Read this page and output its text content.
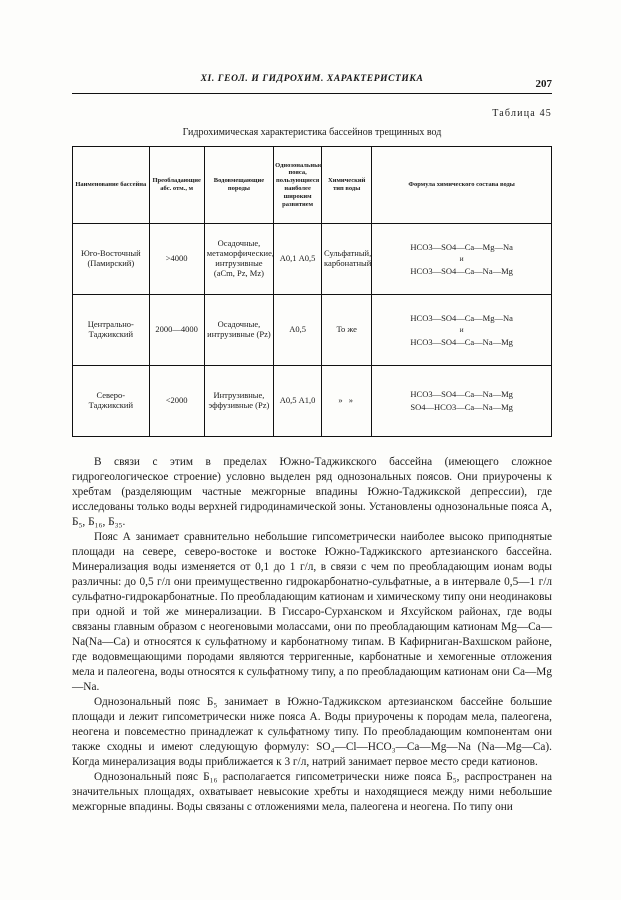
XI. ГЕОЛ. И ГИДРОХИМ. ХАРАКТЕРИСТИКА	207
Таблица 45
Гидрохимическая характеристика бассейнов трещинных вод
Наименование бассейна	Преобладающие абс. отм., м	Водовмещающие породы	Однозональные пояса, пользующиеся наиболее широким развитием	Химический тип воды	Формула химического состава воды
Юго-Восточный (Памирский)	>4000	Осадочные, метаморфические, интрузивные (aCm, Pz, Mz)	А0,1 А0,5	Сульфатный, карбонатный	НСО3—SO4—Са—Mg—Na
и
НСО3—SO4—Са—Na—Mg

Центрально-Таджикский	2000—4000	Осадочные, интрузивные (Pz)	А0,5	То же	НСО3—SO4—Са—Mg—Na
и
НСО3—SO4—Са—Na—Mg

Северо-Таджикский	<2000	Интрузивные, эффузивные (Pz)	А0,5 А1,0	» »	НСО3—SO4—Са—Na—Mg
SO4—НСО3—Са—Na—Mg

В связи с этим в пределах Южно-Таджикского бассейна (имеющего сложное гидрогеологическое строение) условно выделен ряд однозональных поясов. Они приурочены к хребтам (разделяющим частные межгорные впадины Южно-Таджикской депрессии), где исследованы только воды верхней гидродинамической зоны. Установлены однозональные пояса А, Б₅, Б₁₆, Б₃₅.

Пояс А занимает сравнительно небольшие гипсометрически наиболее высоко приподнятые площади на севере, северо-востоке и востоке Южно-Таджикского артезианского бассейна. Минерализация воды изменяется от 0,1 до 1 г/л, в связи с чем по преобладающим ионам воды различны: до 0,5 г/л они преимущественно гидрокарбонатно-сульфатные, а в интервале 0,5—1 г/л сульфатно-гидрокарбонатные. По преобладающим катионам и химическому типу они неодинаковы при одной и той же минерализации. В Гиссаро-Сурханском и Яхсуйском районах, где воды связаны главным образом с неогеновыми молассами, они по преобладающим катионам Mg—Ca—Na(Na—Ca) и относятся к сульфатному и карбонатному типам. В Кафирниган-Вахшском районе, где водовмещающими породами являются терригенные, карбонатные и хемогенные отложения мела и палеогена, воды относятся к сульфатному типу, а по преобладающим катионам они Са—Mg—Na.

Однозональный пояс Б₅ занимает в Южно-Таджикском артезианском бассейне большие площади и лежит гипсометрически ниже пояса А. Воды приурочены к породам мела, палеогена, неогена и повсеместно принадлежат к сульфатному типу. По преобладающим компонентам они также сходны и имеют следующую формулу: SO₄—Cl—HCO₃—Ca—Mg—Na (Na—Mg—Ca). Когда минерализация воды приближается к 3 г/л, натрий занимает первое место среди катионов.

Однозональный пояс Б₁₆ располагается гипсометрически ниже пояса Б₅, распространен на значительных площадях, охватывает невысокие хребты и находящиеся между ними небольшие межгорные впадины. Воды связаны с отложениями мела, палеогена и неогена. По типу они
